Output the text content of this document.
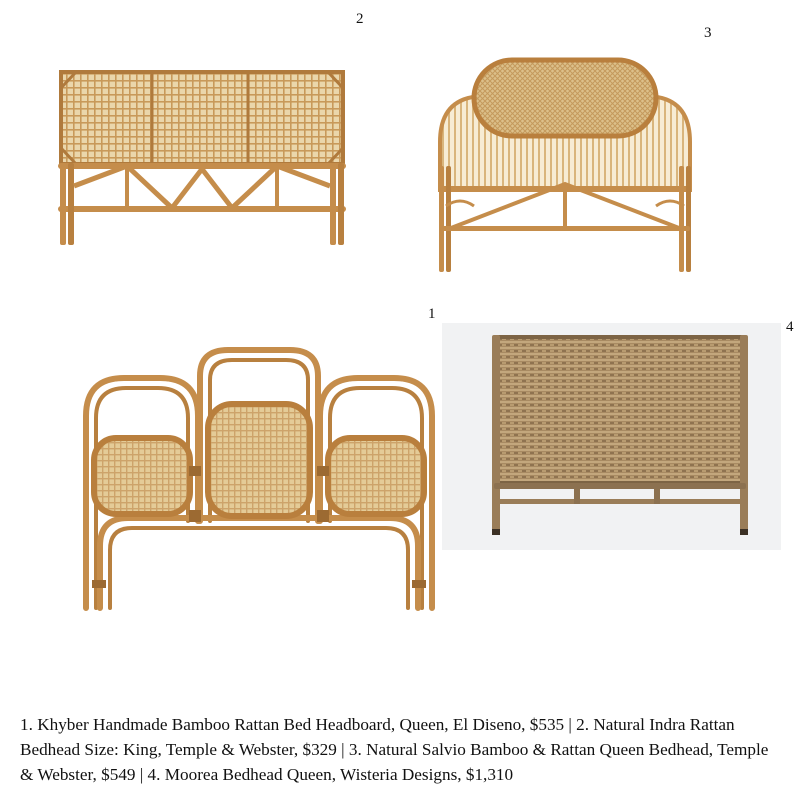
2
3
1
4
1. Khyber Handmade Bamboo Rattan Bed Headboard, Queen, El Diseno, $535 | 2. Natural Indra Rattan Bedhead Size: King, Temple & Webster, $329 | 3. Natural Salvio Bamboo & Rattan Queen Bedhead, Temple & Webster, $549 | 4. Moorea Bedhead Queen, Wisteria Designs, $1,310
